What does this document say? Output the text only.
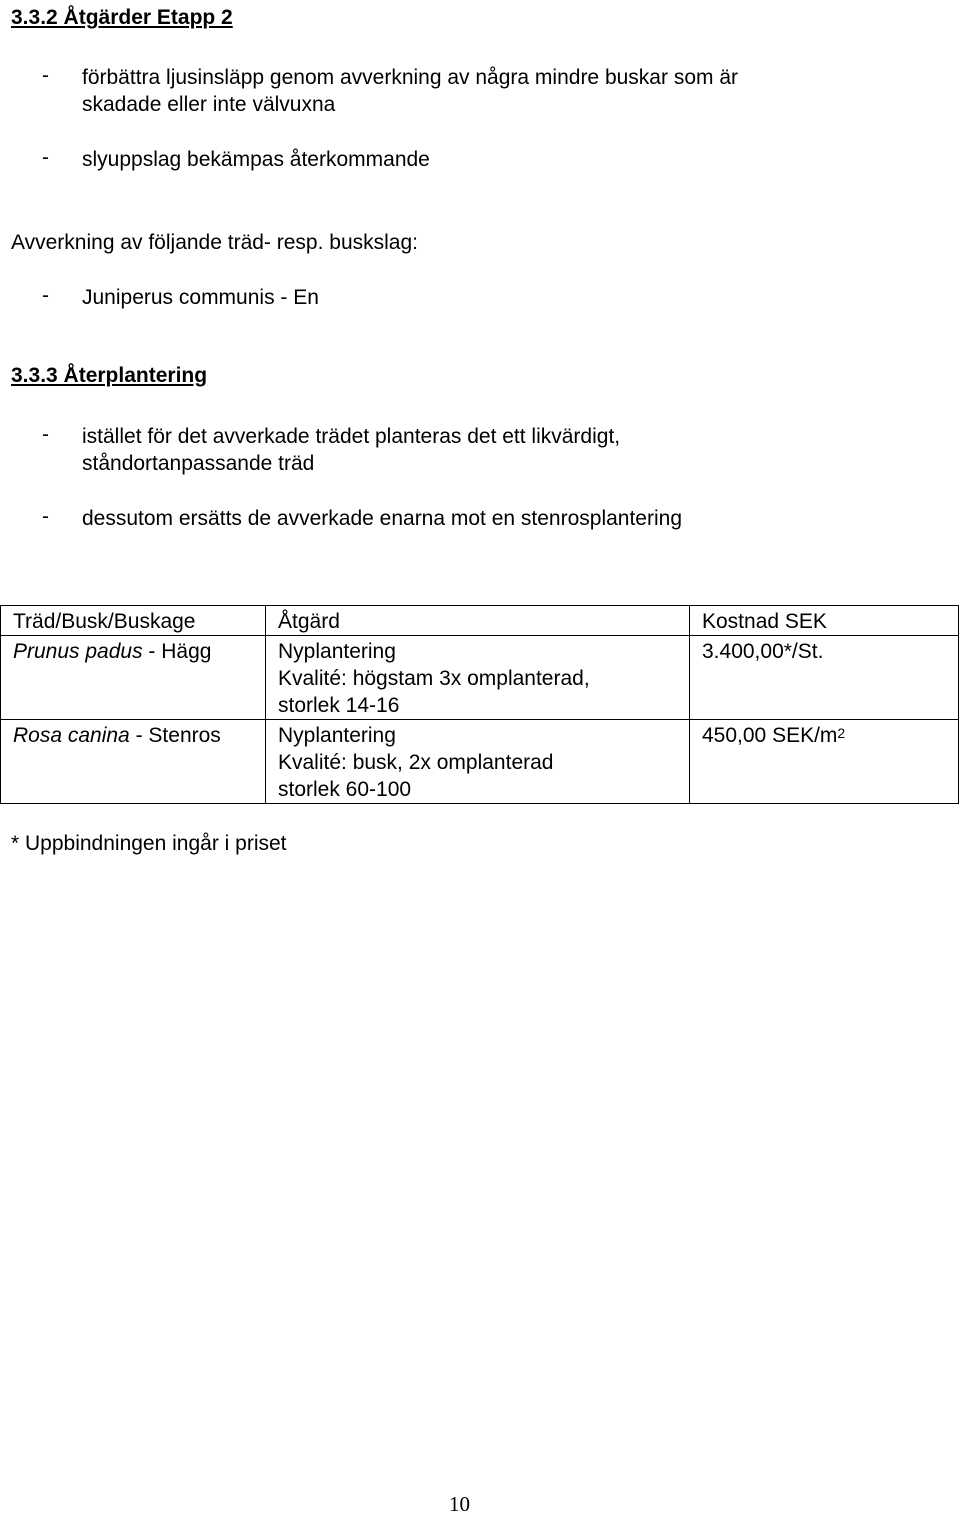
3.3.2 Åtgärder Etapp 2
- förbättra ljusinsläpp genom avverkning av några mindre buskar som är
skadade eller inte välvuxna
- slyuppslag bekämpas återkommande
Avverkning av följande träd- resp. buskslag:
- Juniperus communis - En
3.3.3 Återplantering
- istället för det avverkade trädet planteras det ett likvärdigt,
ståndortanpassande träd
- dessutom ersätts de avverkade enarna mot en stenrosplantering
Träd/Busk/Buskage	Åtgärd	Kostnad SEK
Prunus padus - Hägg	Nyplantering
Kvalité: högstam 3x omplanterad,
storlek 14-16	3.400,00*/St.
Rosa canina - Stenros	Nyplantering
Kvalité: busk, 2x omplanterad
storlek 60-100	450,00 SEK/$m^2$
* Uppbindningen ingår i priset
10
